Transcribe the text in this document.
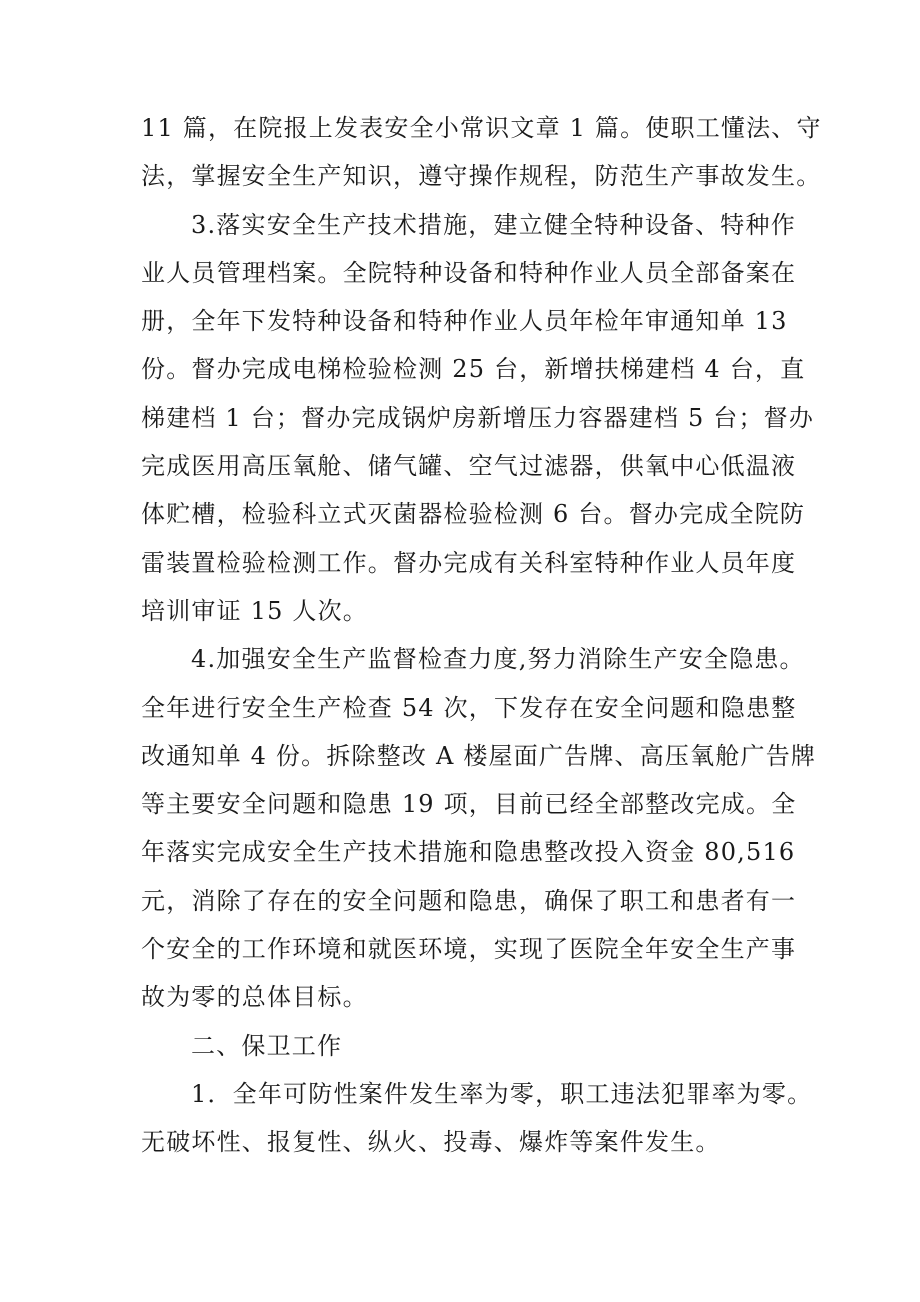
11 篇，在院报上发表安全小常识文章 1 篇。使职工懂法、守
法，掌握安全生产知识，遵守操作规程，防范生产事故发生。

3.落实安全生产技术措施，建立健全特种设备、特种作
业人员管理档案。全院特种设备和特种作业人员全部备案在
册，全年下发特种设备和特种作业人员年检年审通知单 13
份。督办完成电梯检验检测 25 台，新增扶梯建档 4 台，直
梯建档 1 台；督办完成锅炉房新增压力容器建档 5 台；督办
完成医用高压氧舱、储气罐、空气过滤器，供氧中心低温液
体贮槽，检验科立式灭菌器检验检测 6 台。督办完成全院防
雷装置检验检测工作。督办完成有关科室特种作业人员年度
培训审证 15 人次。

4.加强安全生产监督检查力度,努力消除生产安全隐患。
全年进行安全生产检查 54 次，下发存在安全问题和隐患整
改通知单 4 份。拆除整改 A 楼屋面广告牌、高压氧舱广告牌
等主要安全问题和隐患 19 项，目前已经全部整改完成。全
年落实完成安全生产技术措施和隐患整改投入资金 80,516
元，消除了存在的安全问题和隐患，确保了职工和患者有一
个安全的工作环境和就医环境，实现了医院全年安全生产事
故为零的总体目标。

二、保卫工作

1．全年可防性案件发生率为零，职工违法犯罪率为零。
无破坏性、报复性、纵火、投毒、爆炸等案件发生。
